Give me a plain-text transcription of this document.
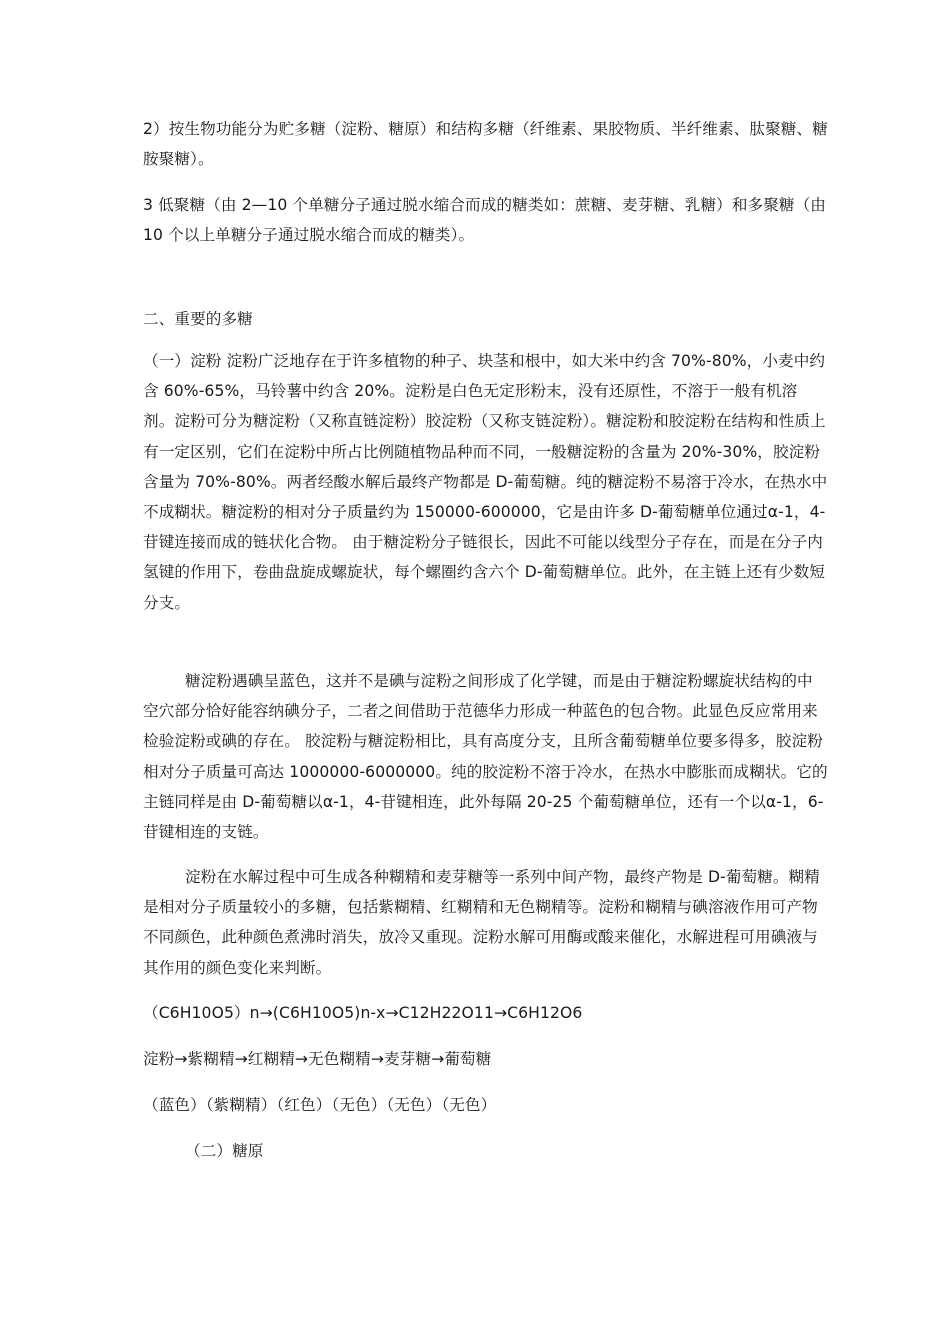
2）按生物功能分为贮多糖（淀粉、糖原）和结构多糖（纤维素、果胶物质、半纤维素、肽聚糖、糖胺聚糖）。

3 低聚糖（由 2—10 个单糖分子通过脱水缩合而成的糖类如：蔗糖、麦芽糖、乳糖）和多聚糖（由 10 个以上单糖分子通过脱水缩合而成的糖类）。

二、重要的多糖

（一）淀粉 淀粉广泛地存在于许多植物的种子、块茎和根中，如大米中约含 70%-80%，小麦中约含 60%-65%，马铃薯中约含 20%。淀粉是白色无定形粉末，没有还原性，不溶于一般有机溶剂。淀粉可分为糖淀粉（又称直链淀粉）胶淀粉（又称支链淀粉）。糖淀粉和胶淀粉在结构和性质上有一定区别，它们在淀粉中所占比例随植物品种而不同，一般糖淀粉的含量为 20%-30%，胶淀粉含量为 70%-80%。两者经酸水解后最终产物都是 D-葡萄糖。纯的糖淀粉不易溶于冷水，在热水中不成糊状。糖淀粉的相对分子质量约为 150000-600000，它是由许多 D-葡萄糖单位通过α-1，4-苷键连接而成的链状化合物。 由于糖淀粉分子链很长，因此不可能以线型分子存在，而是在分子内氢键的作用下，卷曲盘旋成螺旋状，每个螺圈约含六个 D-葡萄糖单位。此外，在主链上还有少数短分支。

糖淀粉遇碘呈蓝色，这并不是碘与淀粉之间形成了化学键，而是由于糖淀粉螺旋状结构的中空穴部分恰好能容纳碘分子，二者之间借助于范德华力形成一种蓝色的包合物。此显色反应常用来检验淀粉或碘的存在。 胶淀粉与糖淀粉相比，具有高度分支，且所含葡萄糖单位要多得多，胶淀粉相对分子质量可高达 1000000-6000000。纯的胶淀粉不溶于冷水，在热水中膨胀而成糊状。它的主链同样是由 D-葡萄糖以α-1，4-苷键相连，此外每隔 20-25 个葡萄糖单位，还有一个以α-1，6-苷键相连的支链。

淀粉在水解过程中可生成各种糊精和麦芽糖等一系列中间产物，最终产物是 D-葡萄糖。糊精是相对分子质量较小的多糖，包括紫糊精、红糊精和无色糊精等。淀粉和糊精与碘溶液作用可产物不同颜色，此种颜色煮沸时消失，放冷又重现。淀粉水解可用酶或酸来催化，水解进程可用碘液与其作用的颜色变化来判断。

（C6H10O5）n→(C6H10O5)n-x→C12H22O11→C6H12O6

淀粉→紫糊精→红糊精→无色糊精→麦芽糖→葡萄糖

（蓝色）（紫糊精）（红色）（无色）（无色）（无色）

（二）糖原
